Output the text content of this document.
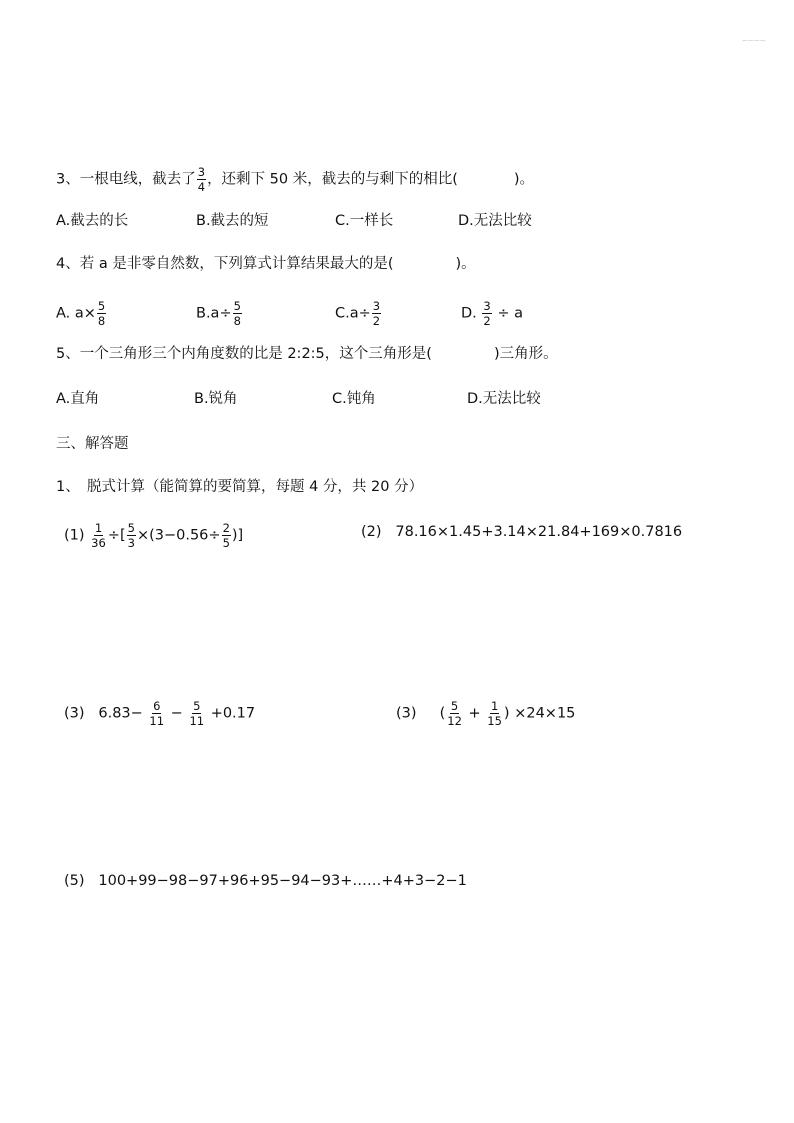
～～～～
3、一根电线，截去了 $\frac{3}{4}$ ，还剩下 50 米，截去的与剩下的相比(	)。
A.截去的长	B.截去的短	C.一样长	D.无法比较
4、若 a 是非零自然数，下列算式计算结果最大的是(	)。
A. $a\times \frac{5}{8}$	$B.a\div \frac{5}{8}$	$C.a\div \frac{3}{2}$	D. $\frac{3}{2} \div a$
5、一个三角形三个内角度数的比是 2:2:5，这个三角形是(	)三角形。
A.直角	B.锐角	C.钝角	D.无法比较
三、解答题
1、　脱式计算（能简算的要简算，每题 4 分，共 20 分）
$(1) \frac{1}{36}$ ÷[ $\frac{5}{3} \times(3-0.56\div \frac{2}{5}$ )]	(2) 78.16×1.45+3.14×21.84+169×0.7816
(3) $6.83- \frac{6}{11} - \frac{5}{11} +0.17$	(3) ( $\frac{5}{12} + \frac{1}{15}$ ) ×24×15
(5) 100+99−98−97+96+95−94−93+……+4+3−2−1
